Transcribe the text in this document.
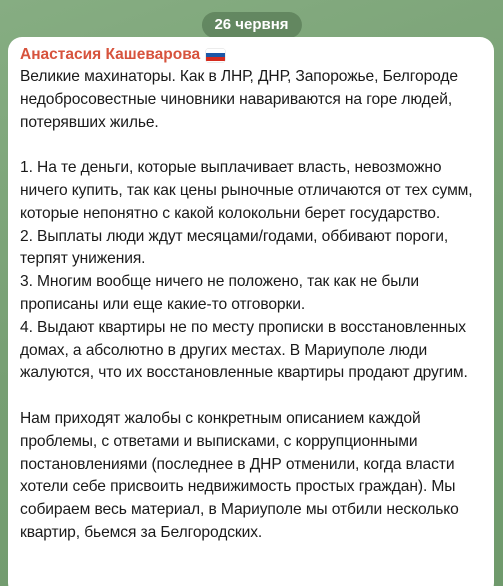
26 червня
Анастасия Кашеварова

Великие махинаторы. Как в ЛНР, ДНР, Запорожье, Белгороде недобросовестные чиновники навариваются на горе людей, потерявших жилье.

1. На те деньги, которые выплачивает власть, невозможно ничего купить, так как цены рыночные отличаются от тех сумм, которые непонятно с какой колокольни берет государство.

2. Выплаты люди ждут месяцами/годами, оббивают пороги, терпят унижения.

3. Многим вообще ничего не положено, так как не были прописаны или еще какие-то отговорки.

4. Выдают квартиры не по месту прописки в восстановленных домах, а абсолютно в других местах. В Мариуполе люди жалуются, что их восстановленные квартиры продают другим.

Нам приходят жалобы с конкретным описанием каждой проблемы, с ответами и выписками, с коррупционными постановлениями (последнее в ДНР отменили, когда власти хотели себе присвоить недвижимость простых граждан). Мы собираем весь материал, в Мариуполе мы отбили несколько квартир, бьемся за Белгородских.
